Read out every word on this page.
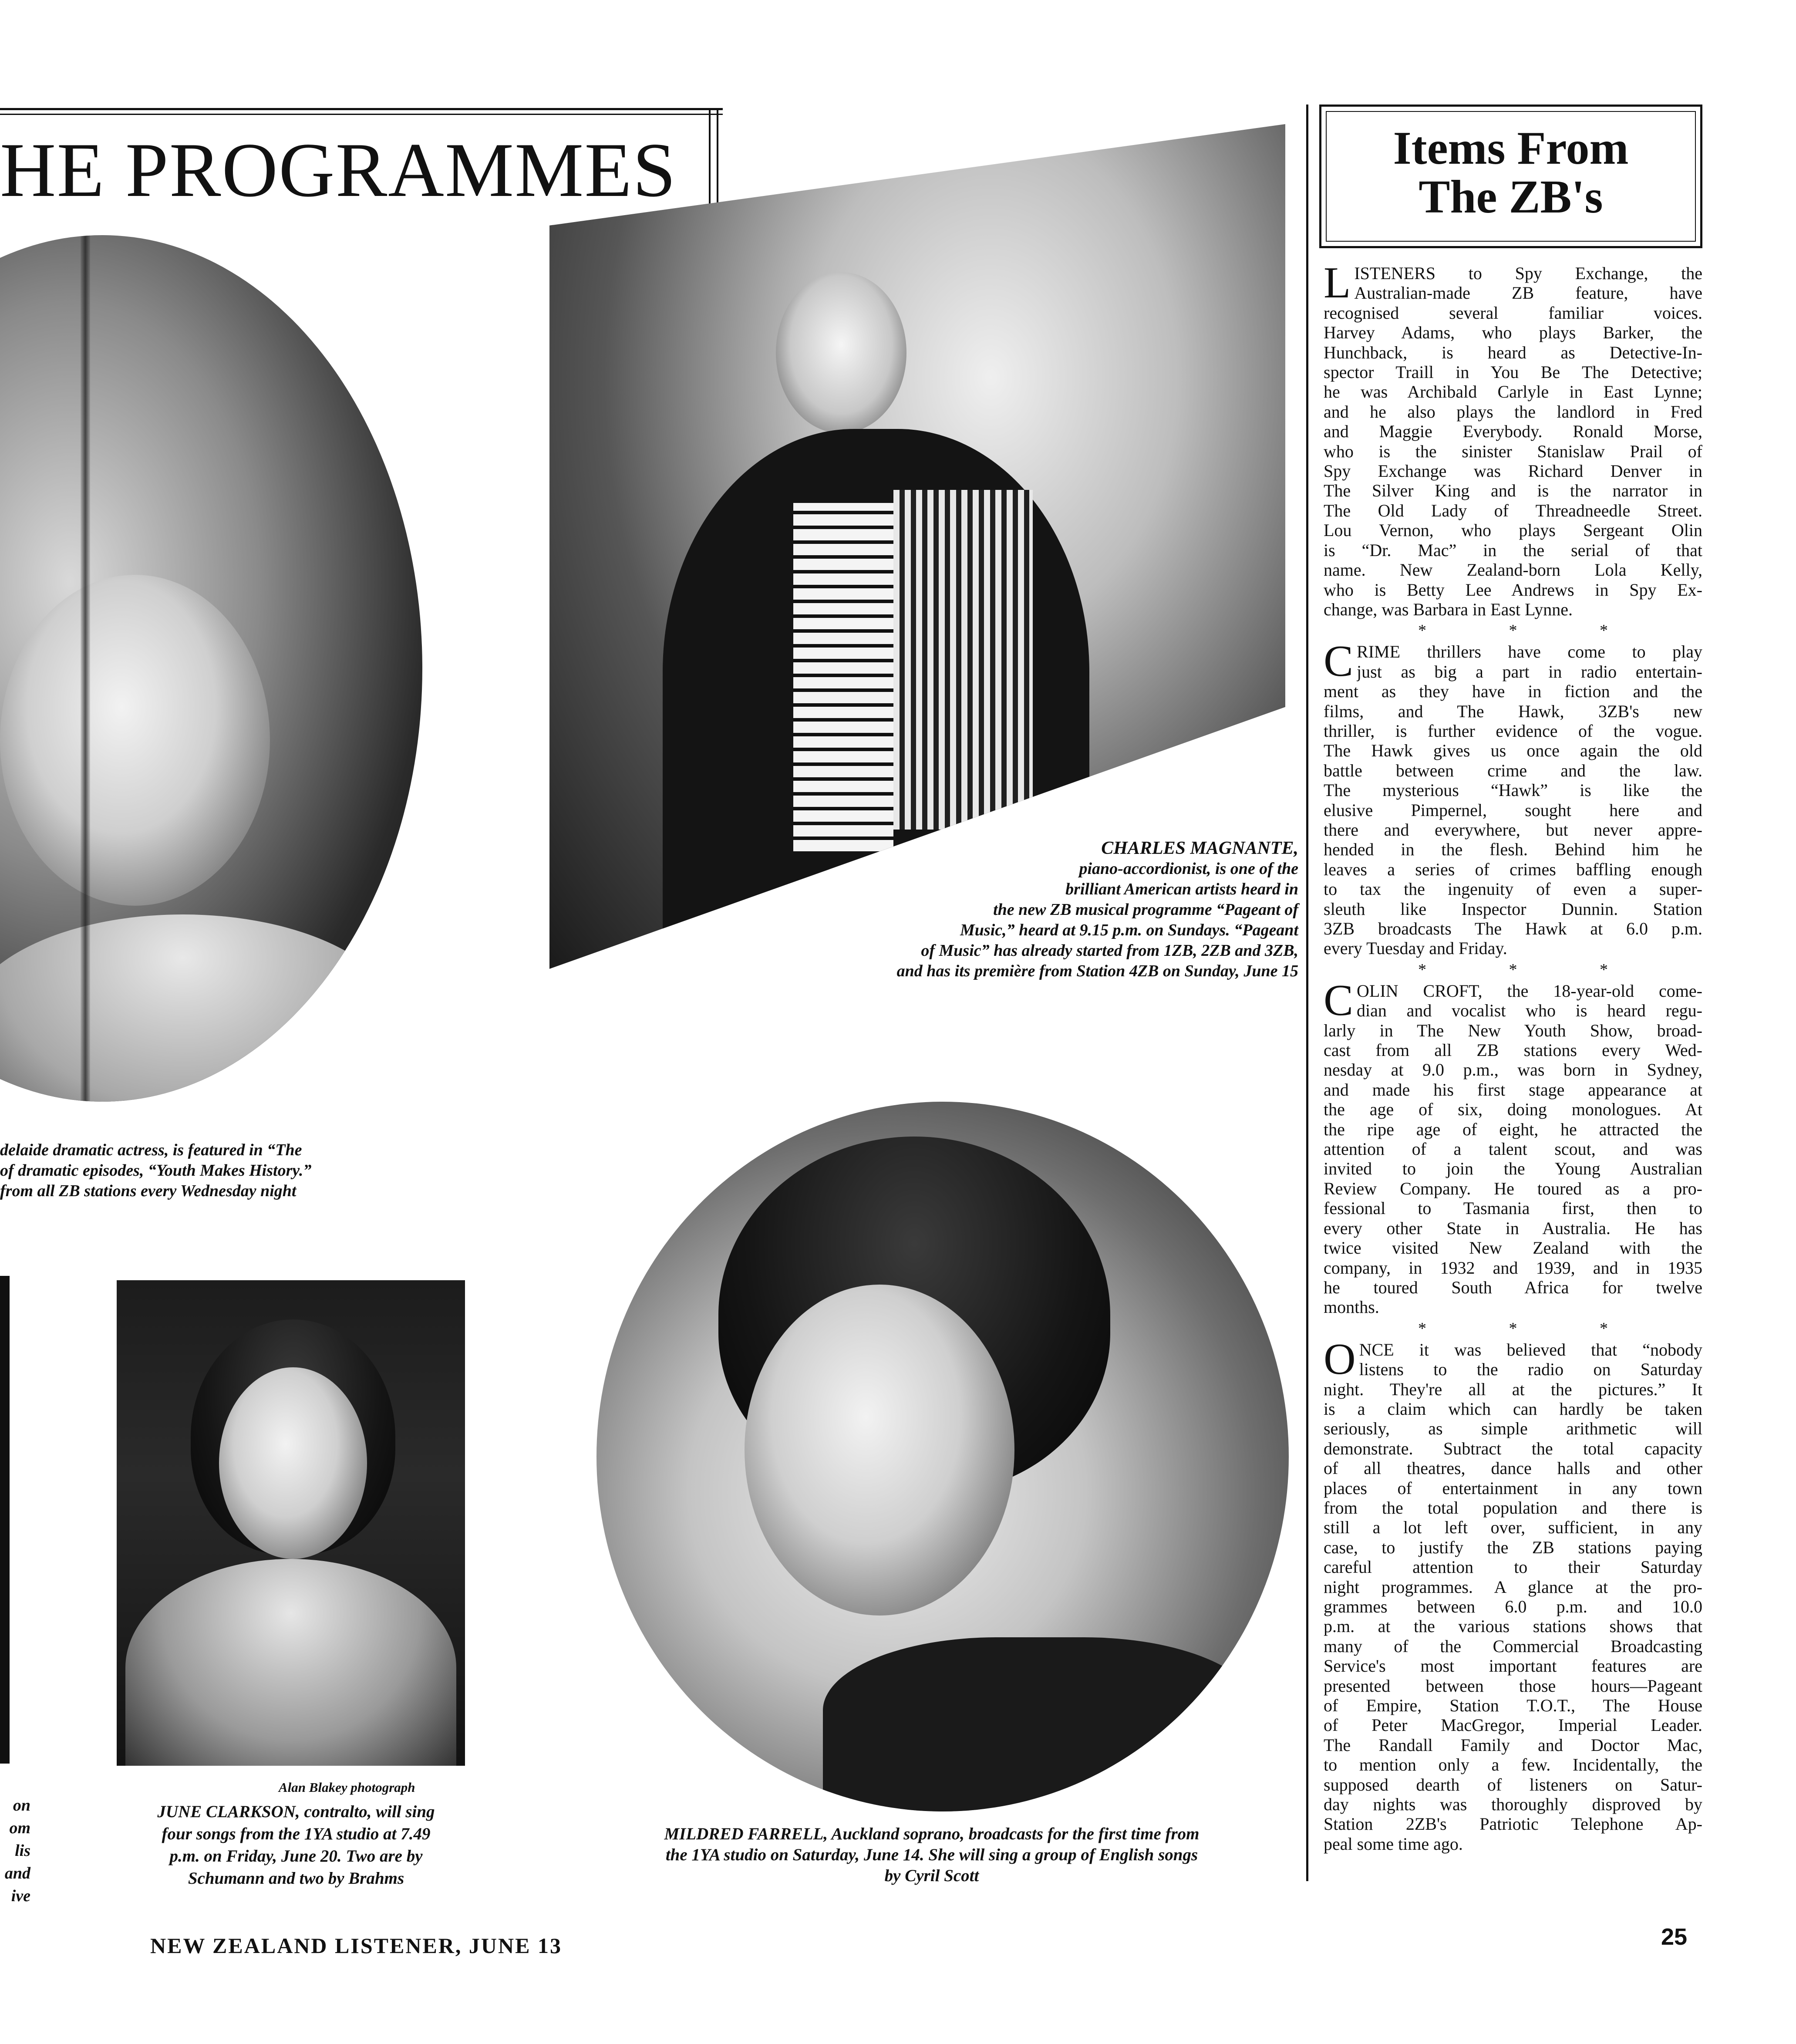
HE PROGRAMMES
CHARLES MAGNANTE,
piano-accordionist, is one of the
brilliant American artists heard in
the new ZB musical programme “Pageant of
Music,” heard at 9.15 p.m. on Sundays. “Pageant
of Music” has already started from 1ZB, 2ZB and 3ZB,
and has its première from Station 4ZB on Sunday, June 15
delaide dramatic actress, is featured in “The
of dramatic episodes, “Youth Makes History.”
from all ZB stations every Wednesday night
on
om
lis
and
ive
Alan Blakey photograph
JUNE CLARKSON, contralto, will sing
four songs from the 1YA studio at 7.49
p.m. on Friday, June 20. Two are by
Schumann and two by Brahms
MILDRED FARRELL, Auckland soprano, broadcasts for the first time from
the 1YA studio on Saturday, June 14. She will sing a group of English songs
by Cyril Scott
Items From
The ZB's
L ISTENERS to Spy Exchange, the
Australian-made ZB feature, have
recognised several familiar voices.
Harvey Adams, who plays Barker, the
Hunchback, is heard as Detective-In-
spector Traill in You Be The Detective;
he was Archibald Carlyle in East Lynne;
and he also plays the landlord in Fred
and Maggie Everybody. Ronald Morse,
who is the sinister Stanislaw Prail of
Spy Exchange was Richard Denver in
The Silver King and is the narrator in
The Old Lady of Threadneedle Street.
Lou Vernon, who plays Sergeant Olin
is “Dr. Mac” in the serial of that
name. New Zealand-born Lola Kelly,
who is Betty Lee Andrews in Spy Ex-
change, was Barbara in East Lynne.
* * *
C RIME thrillers have come to play
just as big a part in radio entertain-
ment as they have in fiction and the
films, and The Hawk, 3ZB's new
thriller, is further evidence of the vogue.
The Hawk gives us once again the old
battle between crime and the law.
The mysterious “Hawk” is like the
elusive Pimpernel, sought here and
there and everywhere, but never appre-
hended in the flesh. Behind him he
leaves a series of crimes baffling enough
to tax the ingenuity of even a super-
sleuth like Inspector Dunnin. Station
3ZB broadcasts The Hawk at 6.0 p.m.
every Tuesday and Friday.
* * *
C OLIN CROFT, the 18-year-old come-
dian and vocalist who is heard regu-
larly in The New Youth Show, broad-
cast from all ZB stations every Wed-
nesday at 9.0 p.m., was born in Sydney,
and made his first stage appearance at
the age of six, doing monologues. At
the ripe age of eight, he attracted the
attention of a talent scout, and was
invited to join the Young Australian
Review Company. He toured as a pro-
fessional to Tasmania first, then to
every other State in Australia. He has
twice visited New Zealand with the
company, in 1932 and 1939, and in 1935
he toured South Africa for twelve
months.
* * *
O NCE it was believed that “nobody
listens to the radio on Saturday
night. They're all at the pictures.” It
is a claim which can hardly be taken
seriously, as simple arithmetic will
demonstrate. Subtract the total capacity
of all theatres, dance halls and other
places of entertainment in any town
from the total population and there is
still a lot left over, sufficient, in any
case, to justify the ZB stations paying
careful attention to their Saturday
night programmes. A glance at the pro-
grammes between 6.0 p.m. and 10.0
p.m. at the various stations shows that
many of the Commercial Broadcasting
Service's most important features are
presented between those hours—Pageant
of Empire, Station T.O.T., The House
of Peter MacGregor, Imperial Leader.
The Randall Family and Doctor Mac,
to mention only a few. Incidentally, the
supposed dearth of listeners on Satur-
day nights was thoroughly disproved by
Station 2ZB's Patriotic Telephone Ap-
peal some time ago.
NEW ZEALAND LISTENER, JUNE 13	25
